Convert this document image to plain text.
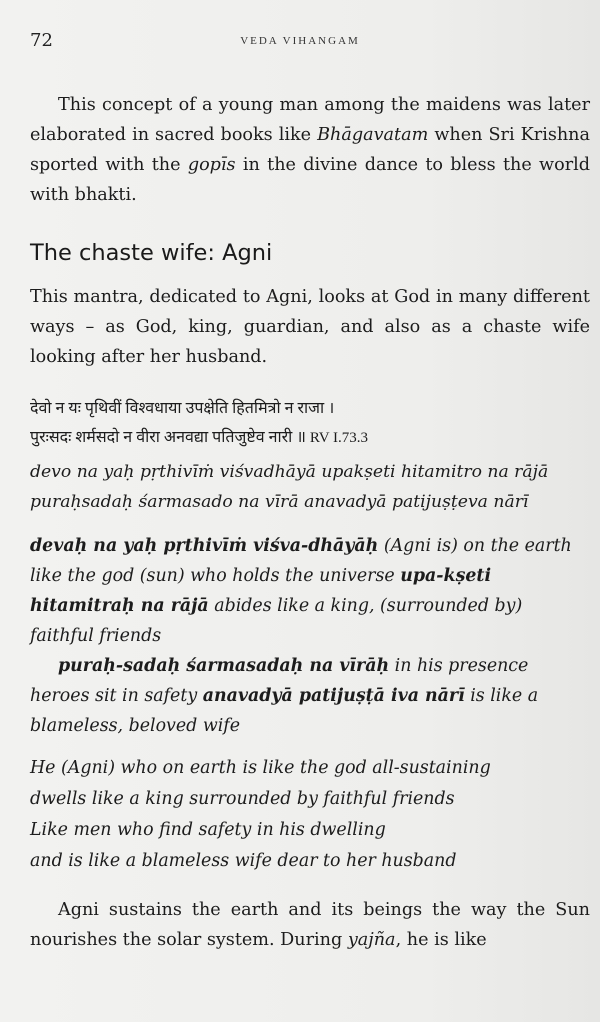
72	VEDA VIHANGAM

This concept of a young man among the maidens was later elaborated in sacred books like Bhāgavatam when Sri Krishna sported with the gopīs in the divine dance to bless the world with bhakti.

The chaste wife: Agni

This mantra, dedicated to Agni, looks at God in many different ways – as God, king, guardian, and also as a chaste wife looking after her husband.

देवो न यः पृथिवीं विश्वधाया उपक्षेति हितमित्रो न राजा ।
पुरःसदः शर्मसदो न वीरा अनवद्या पतिजुष्टेव नारी ॥ RV I.73.3
devo na yaḥ pṛthivīṁ viśvadhāyā upakṣeti hitamitro na rājā
puraḥsadaḥ śarmasado na vīrā anavadyā patijuṣṭeva nārī

devaḥ na yaḥ pṛthivīṁ viśva-dhāyāḥ (Agni is) on the earth like the god (sun) who holds the universe upa-kṣeti hitamitraḥ na rājā abides like a king, (surrounded by) faithful friends

puraḥ-sadaḥ śarmasadaḥ na vīrāḥ in his presence heroes sit in safety anavadyā patijuṣṭā iva nārī is like a blameless, beloved wife

He (Agni) who on earth is like the god all-sustaining
dwells like a king surrounded by faithful friends
Like men who find safety in his dwelling
and is like a blameless wife dear to her husband

Agni sustains the earth and its beings the way the Sun nourishes the solar system. During yajña, he is like
